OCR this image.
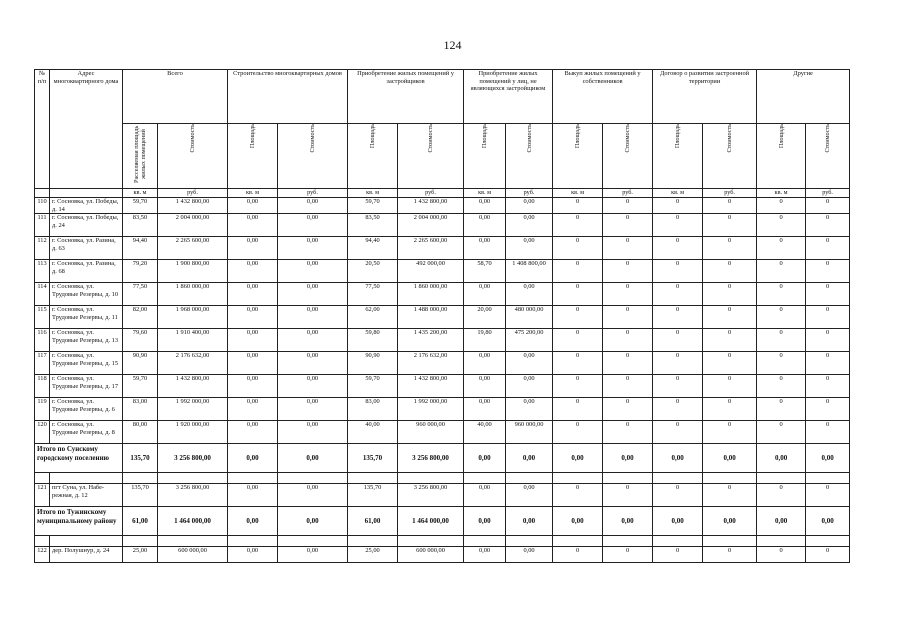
124
№ п/п	Адрес многоквартирного дома	Всего		Строительство многоквартирных домов		Приобретение жилых помещений у застройщиков		Приобретение жилых помещений у лиц, не являющихся застройщиком		Выкуп жилых помещений у собственников		Договор о развитии застроенной территории		Другие	

		Расселяемая площадь жилых помещений	Стоимость	Площадь	Стоимость	Площадь	Стоимость	Площадь	Стоимость	Площадь	Стоимость	Площадь	Стоимость	Площадь	Стоимость

		кв. м	руб.	кв. м	руб.	кв. м	руб.	кв. м	руб.	кв. м	руб.	кв. м	руб.	кв. м	руб.
110	г. Сосновка, ул. Победы, д. 14	59,70	1 432 800,00	0,00	0,00	59,70	1 432 800,00	0,00	0,00	0	0	0	0	0	0
111	г. Сосновка, ул. Победы, д. 24	83,50	2 004 000,00	0,00	0,00	83,50	2 004 000,00	0,00	0,00	0	0	0	0	0	0
112	г. Сосновка, ул. Разина, д. 63	94,40	2 265 600,00	0,00	0,00	94,40	2 265 600,00	0,00	0,00	0	0	0	0	0	0
113	г. Сосновка, ул. Разина, д. 68	79,20	1 900 800,00	0,00	0,00	20,50	492 000,00	58,70	1 408 800,00	0	0	0	0	0	0
114	г. Сосновка, ул. Трудовые Резервы, д. 10	77,50	1 860 000,00	0,00	0,00	77,50	1 860 000,00	0,00	0,00	0	0	0	0	0	0
115	г. Сосновка, ул. Трудовые Резервы, д. 11	82,00	1 968 000,00	0,00	0,00	62,00	1 488 000,00	20,00	480 000,00	0	0	0	0	0	0
116	г. Сосновка, ул. Трудовые Резервы, д. 13	79,60	1 910 400,00	0,00	0,00	59,80	1 435 200,00	19,80	475 200,00	0	0	0	0	0	0
117	г. Сосновка, ул. Трудовые Резервы, д. 15	90,90	2 176 632,00	0,00	0,00	90,90	2 176 632,00	0,00	0,00	0	0	0	0	0	0
118	г. Сосновка, ул. Трудовые Резервы, д. 17	59,70	1 432 800,00	0,00	0,00	59,70	1 432 800,00	0,00	0,00	0	0	0	0	0	0
119	г. Сосновка, ул. Трудовые Резервы, д. 6	83,00	1 992 000,00	0,00	0,00	83,00	1 992 000,00	0,00	0,00	0	0	0	0	0	0
120	г. Сосновка, ул. Трудовые Резервы, д. 8	80,00	1 920 000,00	0,00	0,00	40,00	960 000,00	40,00	960 000,00	0	0	0	0	0	0
Итого по Сунскому городскому поселению		135,70	3 256 800,00	0,00	0,00	135,70	3 256 800,00	0,00	0,00	0,00	0,00	0,00	0,00	0,00	0,00

121	пгт Суна, ул. Набе-режная, д. 12	135,70	3 256 800,00	0,00	0,00	135,70	3 256 800,00	0,00	0,00	0	0	0	0	0	0
Итого по Тужинскому муниципальному району		61,00	1 464 000,00	0,00	0,00	61,00	1 464 000,00	0,00	0,00	0,00	0,00	0,00	0,00	0,00	0,00

122	дер. Полушнур, д. 24	25,00	600 000,00	0,00	0,00	25,00	600 000,00	0,00	0,00	0	0	0	0	0	0
